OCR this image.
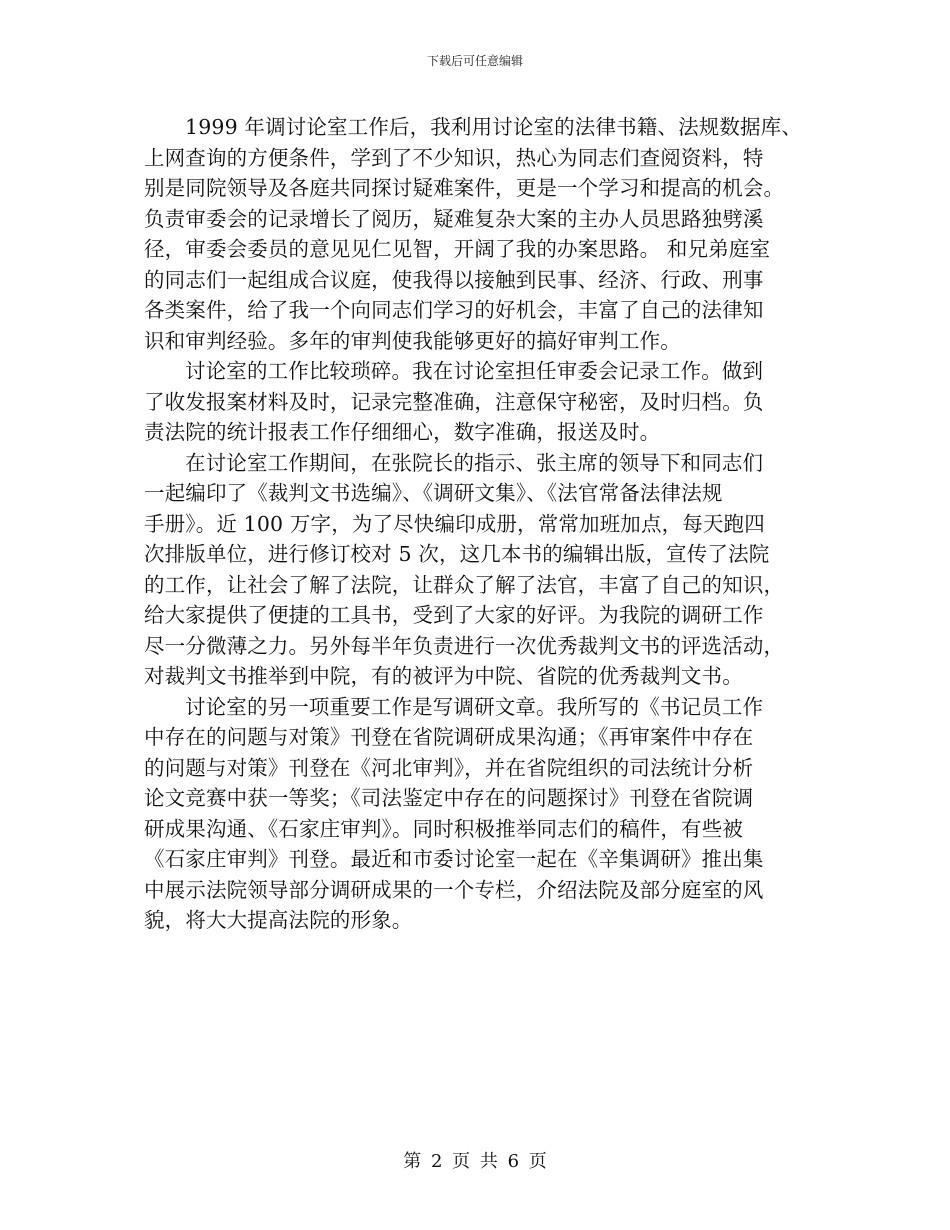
下载后可任意编辑
1999 年调讨论室工作后，我利用讨论室的法律书籍、法规数据库、
上网查询的方便条件，学到了不少知识，热心为同志们查阅资料，特
别是同院领导及各庭共同探讨疑难案件，更是一个学习和提高的机会。
负责审委会的记录增长了阅历，疑难复杂大案的主办人员思路独劈溪
径，审委会委员的意见见仁见智，开阔了我的办案思路。 和兄弟庭室
的同志们一起组成合议庭，使我得以接触到民事、经济、行政、刑事
各类案件，给了我一个向同志们学习的好机会，丰富了自己的法律知
识和审判经验。多年的审判使我能够更好的搞好审判工作。
讨论室的工作比较琐碎。我在讨论室担任审委会记录工作。做到
了收发报案材料及时，记录完整准确，注意保守秘密，及时归档。负
责法院的统计报表工作仔细细心，数字准确，报送及时。
在讨论室工作期间，在张院长的指示、张主席的领导下和同志们
一起编印了《裁判文书选编》、《调研文集》、《法官常备法律法规
手册》。近 100 万字，为了尽快编印成册，常常加班加点，每天跑四
次排版单位，进行修订校对 5 次，这几本书的编辑出版，宣传了法院
的工作，让社会了解了法院，让群众了解了法官，丰富了自己的知识，
给大家提供了便捷的工具书，受到了大家的好评。为我院的调研工作
尽一分微薄之力。另外每半年负责进行一次优秀裁判文书的评选活动，
对裁判文书推举到中院，有的被评为中院、省院的优秀裁判文书。
讨论室的另一项重要工作是写调研文章。我所写的《书记员工作
中存在的问题与对策》刊登在省院调研成果沟通；《再审案件中存在
的问题与对策》刊登在《河北审判》，并在省院组织的司法统计分析
论文竞赛中获一等奖；《司法鉴定中存在的问题探讨》刊登在省院调
研成果沟通、《石家庄审判》。同时积极推举同志们的稿件，有些被
《石家庄审判》刊登。最近和市委讨论室一起在《辛集调研》推出集
中展示法院领导部分调研成果的一个专栏，介绍法院及部分庭室的风
貌，将大大提高法院的形象。
第 2 页 共 6 页
